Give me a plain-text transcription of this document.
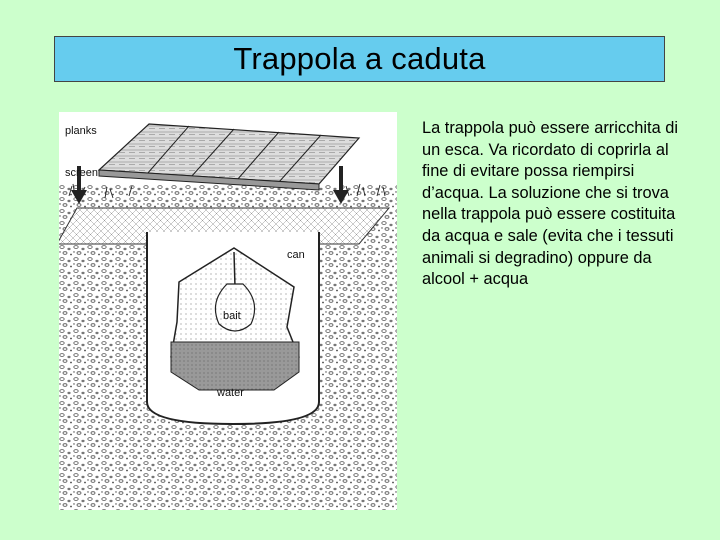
Trappola a caduta
planks
screen
can
bait
water
La trappola può essere arricchita di un esca. Va ricordato di coprirla al fine di evitare possa riempirsi d’acqua. La soluzione che si trova nella trappola può essere costituita da acqua e sale (evita che i tessuti animali si degradino) oppure da alcool + acqua
